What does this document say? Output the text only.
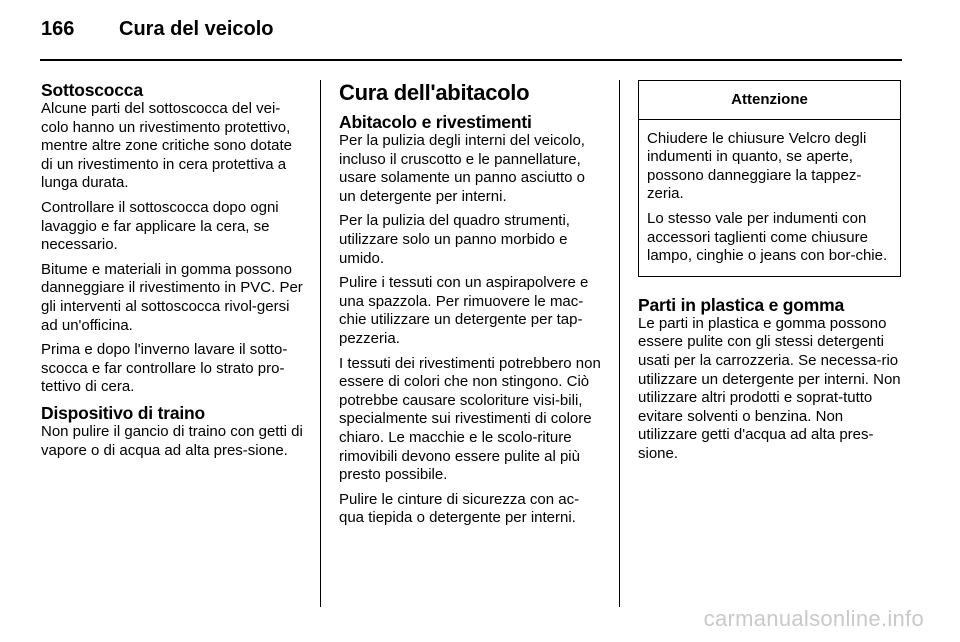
166	Cura del veicolo
Sottoscocca

Alcune parti del sottoscocca del vei-colo hanno un rivestimento protettivo, mentre altre zone critiche sono dotate di un rivestimento in cera protettiva a lunga durata.

Controllare il sottoscocca dopo ogni lavaggio e far applicare la cera, se necessario.

Bitume e materiali in gomma possono danneggiare il rivestimento in PVC. Per gli interventi al sottoscocca rivol-gersi ad un'officina.

Prima e dopo l'inverno lavare il sotto-scocca e far controllare lo strato pro-tettivo di cera.

Dispositivo di traino

Non pulire il gancio di traino con getti di vapore o di acqua ad alta pres-sione.

Cura dell'abitacolo
Abitacolo e rivestimenti

Per la pulizia degli interni del veicolo, incluso il cruscotto e le pannellature, usare solamente un panno asciutto o un detergente per interni.

Per la pulizia del quadro strumenti, utilizzare solo un panno morbido e umido.

Pulire i tessuti con un aspirapolvere e una spazzola. Per rimuovere le mac-chie utilizzare un detergente per tap-pezzeria.

I tessuti dei rivestimenti potrebbero non essere di colori che non stingono. Ciò potrebbe causare scoloriture visi-bili, specialmente sui rivestimenti di colore chiaro. Le macchie e le scolo-riture rimovibili devono essere pulite al più presto possibile.

Pulire le cinture di sicurezza con ac-qua tiepida o detergente per interni.

Attenzione

Chiudere le chiusure Velcro degli indumenti in quanto, se aperte, possono danneggiare la tappez-zeria.

Lo stesso vale per indumenti con accessori taglienti come chiusure lampo, cinghie o jeans con bor-chie.

Parti in plastica e gomma

Le parti in plastica e gomma possono essere pulite con gli stessi detergenti usati per la carrozzeria. Se necessa-rio utilizzare un detergente per interni. Non utilizzare altri prodotti e soprat-tutto evitare solventi o benzina. Non utilizzare getti d'acqua ad alta pres-sione.

carmanualsonline.info
